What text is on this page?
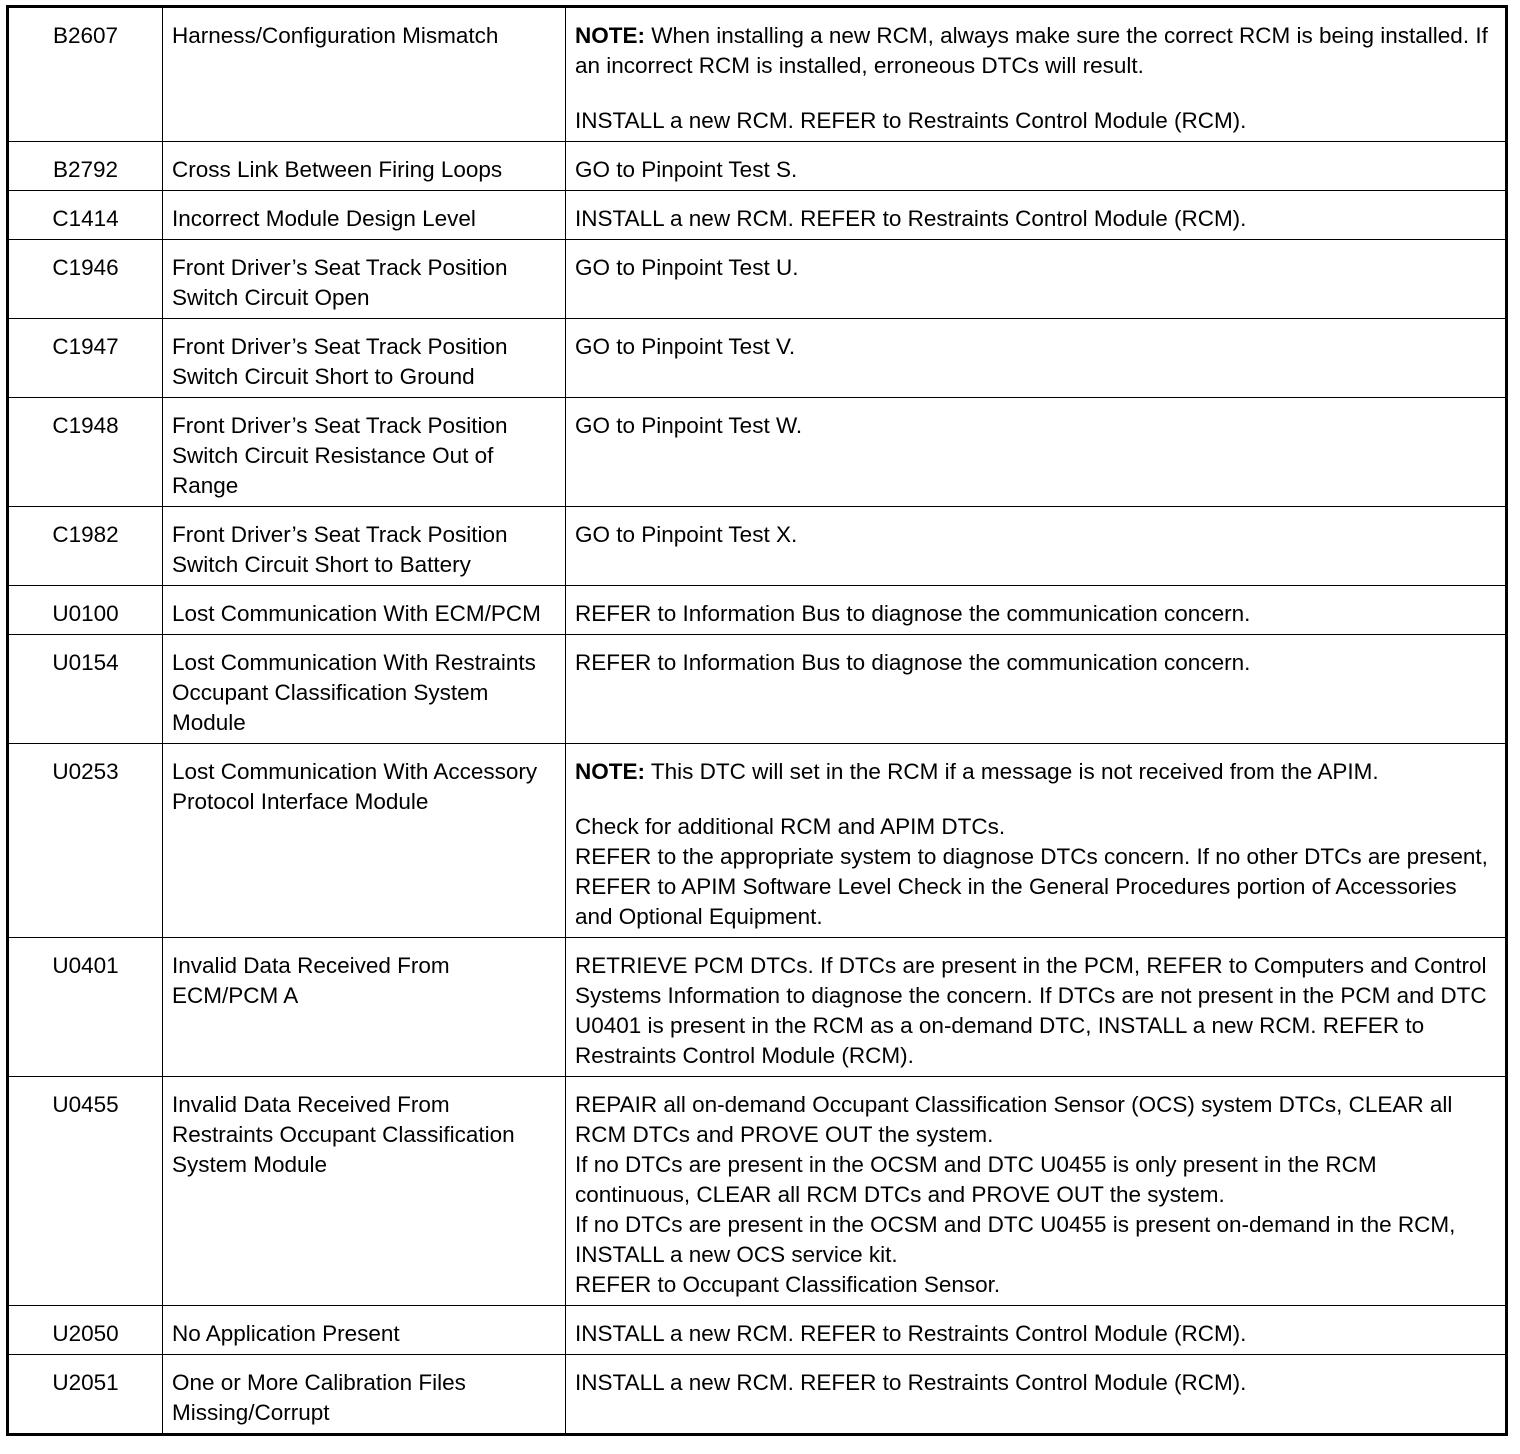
B2607	Harness/Configuration Mismatch	NOTE: When installing a new RCM, always make sure the correct RCM is being installed. If an incorrect RCM is installed, erroneous DTCs will result.
INSTALL a new RCM. REFER to Restraints Control Module (RCM).

B2792	Cross Link Between Firing Loops	GO to Pinpoint Test S.

C1414	Incorrect Module Design Level	INSTALL a new RCM. REFER to Restraints Control Module (RCM).

C1946	Front Driver’s Seat Track Position Switch Circuit Open	GO to Pinpoint Test U.

C1947	Front Driver’s Seat Track Position Switch Circuit Short to Ground	GO to Pinpoint Test V.

C1948	Front Driver’s Seat Track Position Switch Circuit Resistance Out of Range	GO to Pinpoint Test W.

C1982	Front Driver’s Seat Track Position Switch Circuit Short to Battery	GO to Pinpoint Test X.

U0100	Lost Communication With ECM/PCM	REFER to Information Bus to diagnose the communication concern.

U0154	Lost Communication With Restraints Occupant Classification System Module	REFER to Information Bus to diagnose the communication concern.

U0253	Lost Communication With Accessory Protocol Interface Module	NOTE: This DTC will set in the RCM if a message is not received from the APIM.
Check for additional RCM and APIM DTCs.
REFER to the appropriate system to diagnose DTCs concern. If no other DTCs are present, REFER to APIM Software Level Check in the General Procedures portion of Accessories and Optional Equipment.

U0401	Invalid Data Received From ECM/PCM A	RETRIEVE PCM DTCs. If DTCs are present in the PCM, REFER to Computers and Control Systems Information to diagnose the concern. If DTCs are not present in the PCM and DTC U0401 is present in the RCM as a on-demand DTC, INSTALL a new RCM. REFER to Restraints Control Module (RCM).

U0455	Invalid Data Received From Restraints Occupant Classification System Module	REPAIR all on-demand Occupant Classification Sensor (OCS) system DTCs, CLEAR all RCM DTCs and PROVE OUT the system.
If no DTCs are present in the OCSM and DTC U0455 is only present in the RCM continuous, CLEAR all RCM DTCs and PROVE OUT the system.
If no DTCs are present in the OCSM and DTC U0455 is present on-demand in the RCM, INSTALL a new OCS service kit.
REFER to Occupant Classification Sensor.

U2050	No Application Present	INSTALL a new RCM. REFER to Restraints Control Module (RCM).

U2051	One or More Calibration Files Missing/Corrupt	INSTALL a new RCM. REFER to Restraints Control Module (RCM).
